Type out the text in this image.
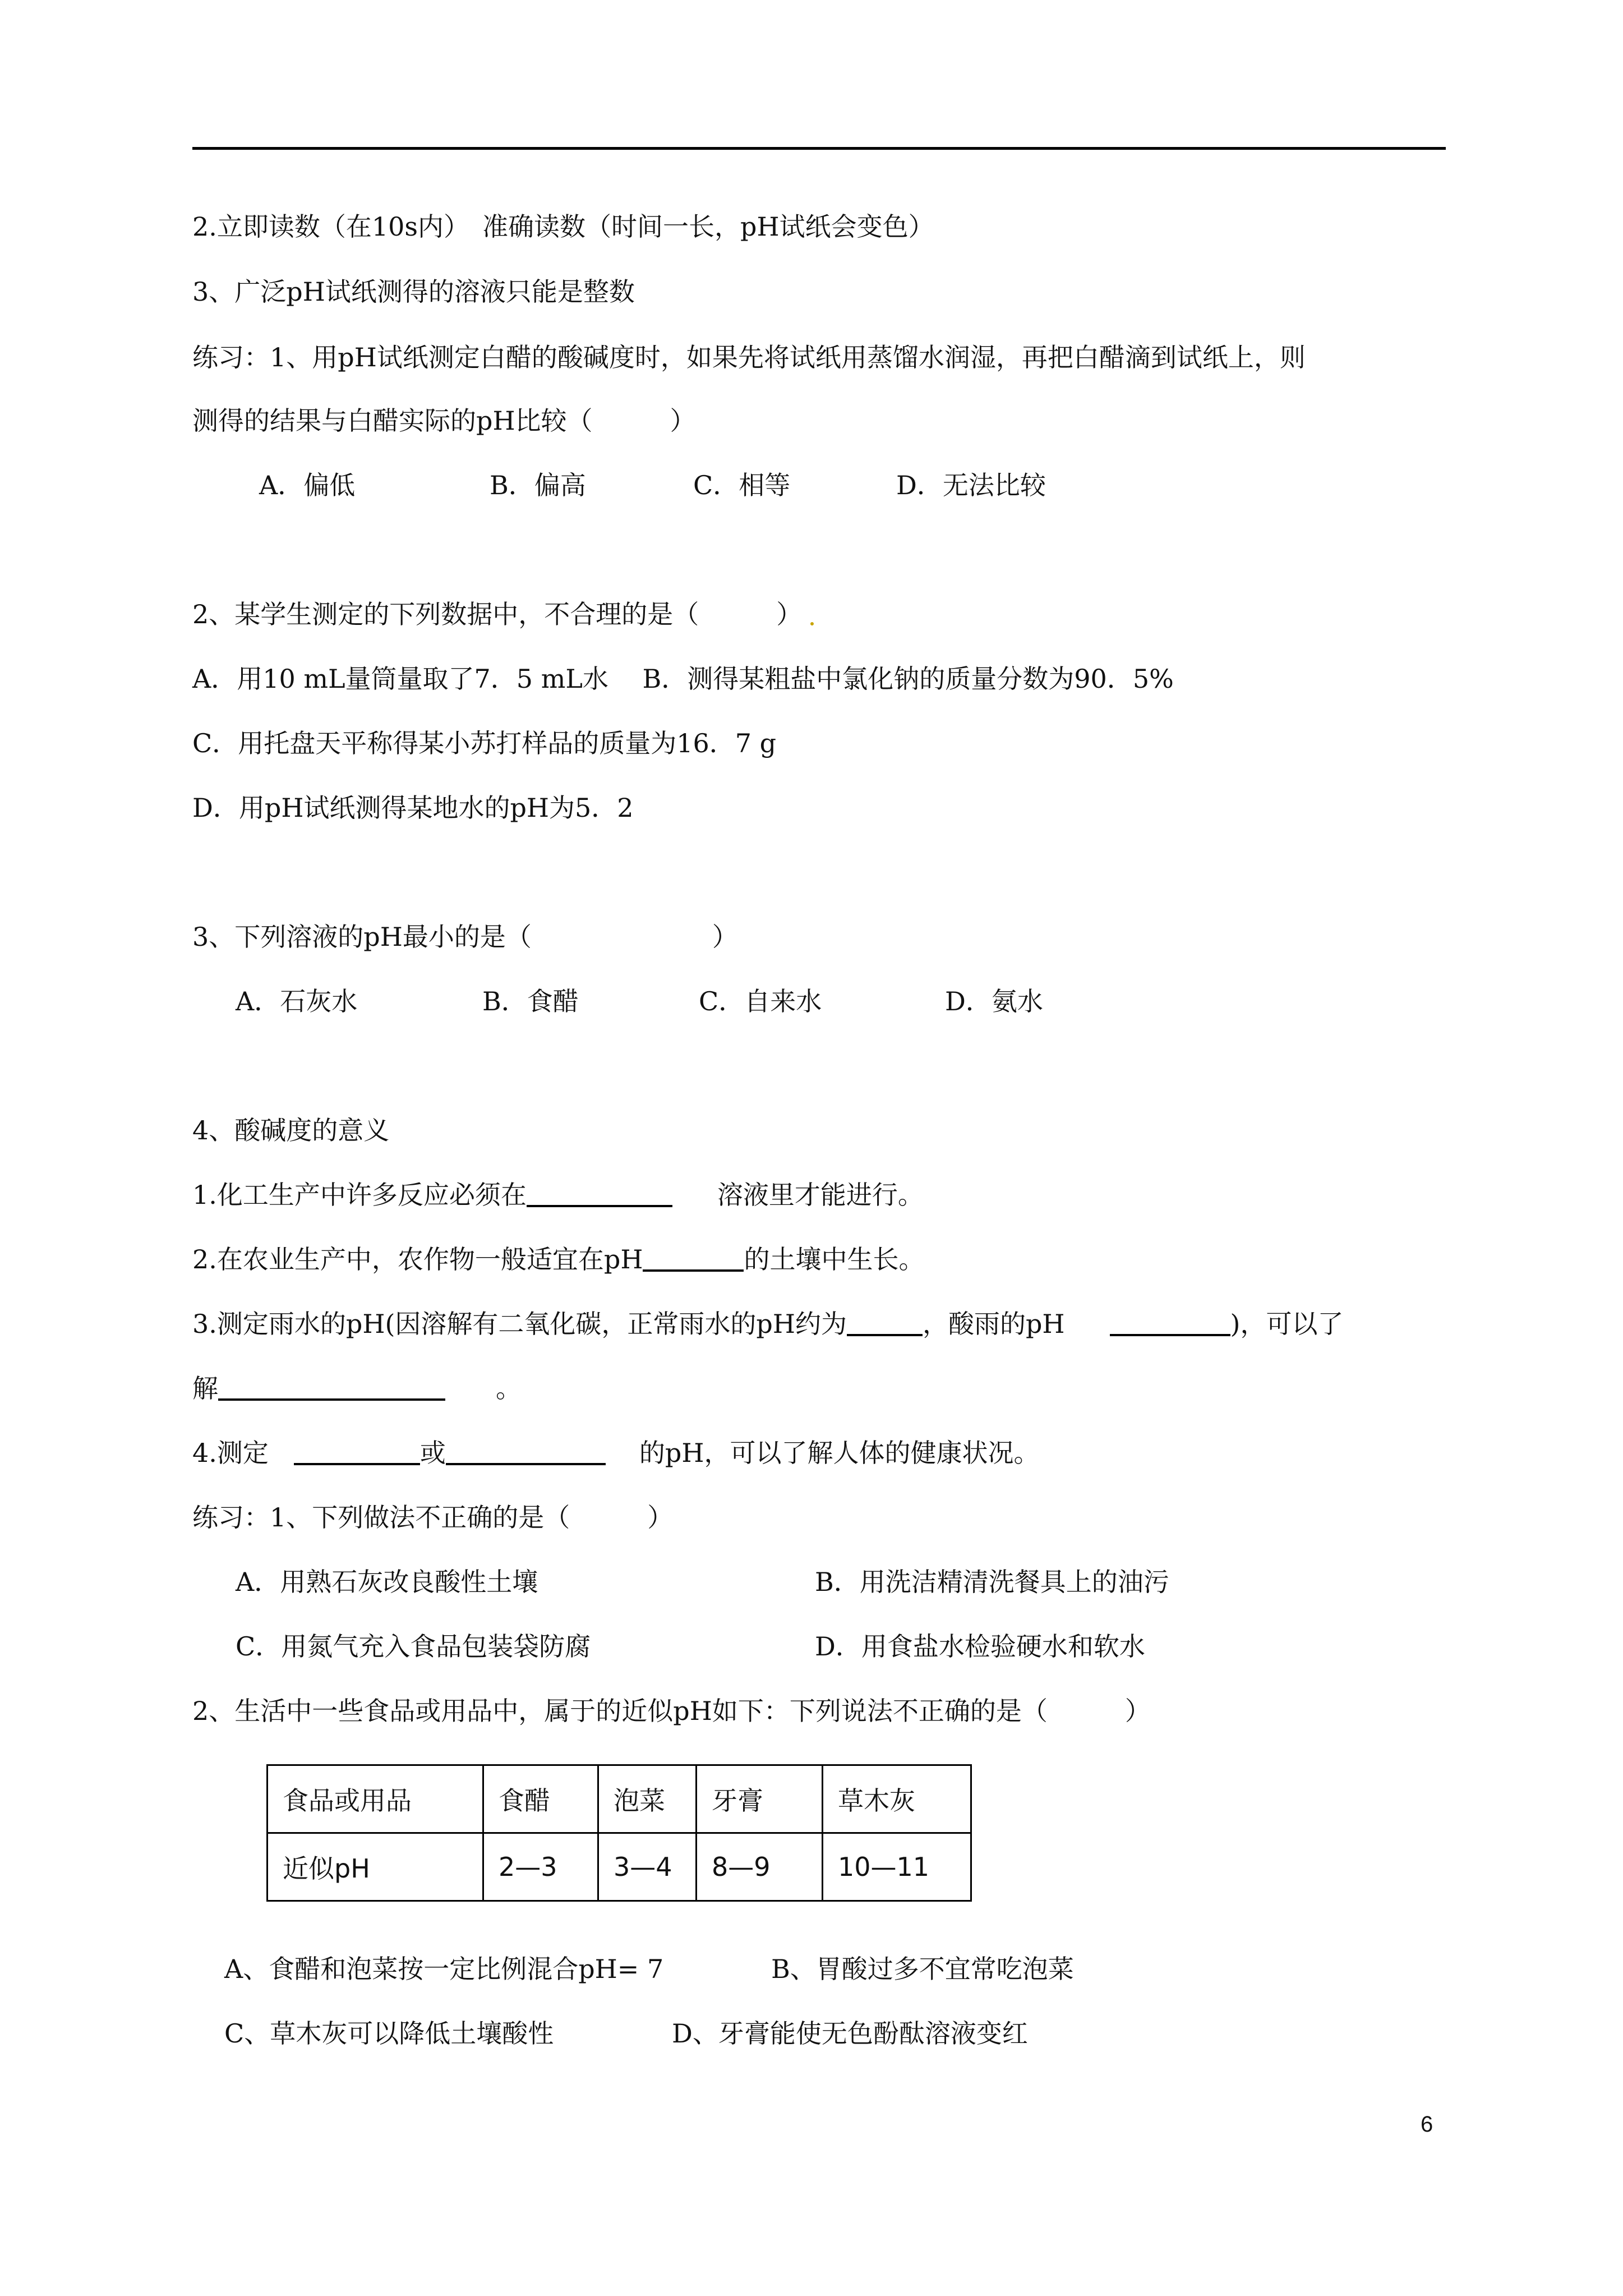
2.立即读数（在10s内）　准确读数（时间一长，pH试纸会变色）
3、广泛pH试纸测得的溶液只能是整数
练习：1、用pH试纸测定白醋的酸碱度时，如果先将试纸用蒸馏水润湿，再把白醋滴到试纸上，则
测得的结果与白醋实际的pH比较（　　　）
A．偏低	B．偏高	C．相等	D．无法比较
2、某学生测定的下列数据中，不合理的是（　　　）
A．用10 mL量筒量取了7．5 mL水　 B．测得某粗盐中氯化钠的质量分数为90．5%
C．用托盘天平称得某小苏打样品的质量为16．7 g
D．用pH试纸测得某地水的pH为5．2
3、下列溶液的pH最小的是（　　　　　　　）
A．石灰水	B．食醋	C．自来水	D．氨水
4、酸碱度的意义
1.化工生产中许多反应必须在	溶液里才能进行。
2.在农业生产中，农作物一般适宜在pH	的土壤中生长。
3.测定雨水的pH(因溶解有二氧化碳，正常雨水的pH约为	，酸雨的pH	)，可以了
解	。
4.测定	或	的pH，可以了解人体的健康状况。
练习：1、下列做法不正确的是（　　　）
A．用熟石灰改良酸性土壤	B．用洗洁精清洗餐具上的油污
C．用氮气充入食品包装袋防腐	D．用食盐水检验硬水和软水
2、生活中一些食品或用品中，属于的近似pH如下：下列说法不正确的是（　　　）
食品或用品	食醋	泡菜	牙膏	草木灰
近似pH	2—3	3—4	8—9	10—11
A、食醋和泡菜按一定比例混合pH= 7	B、胃酸过多不宜常吃泡菜
C、草木灰可以降低土壤酸性	D、牙膏能使无色酚酞溶液变红
6
